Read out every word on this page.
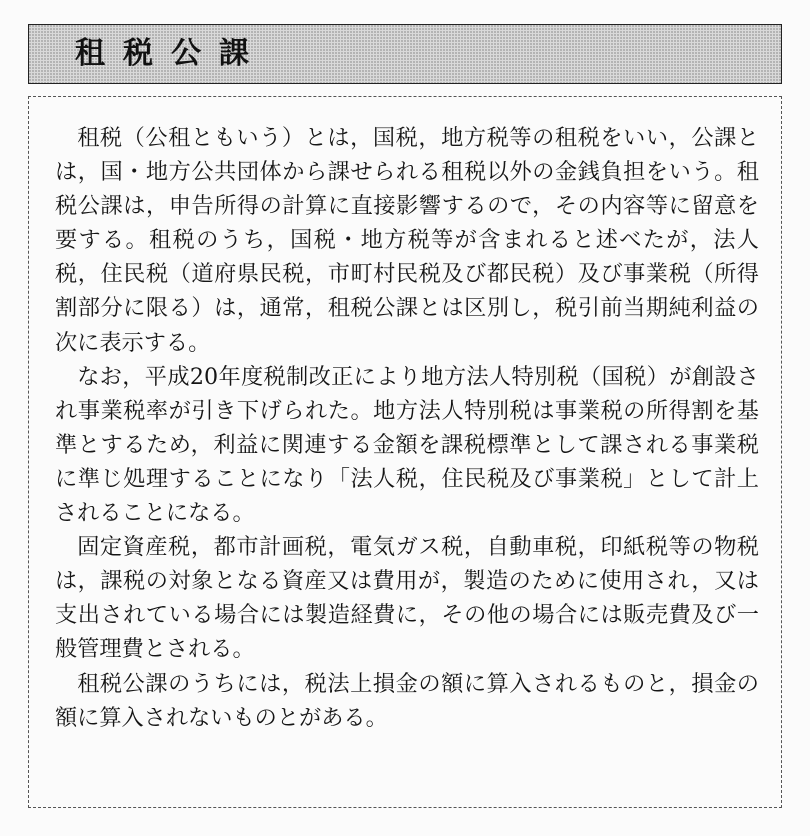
租税公課

租税（公租ともいう）とは，国税，地方税等の租税をいい，公課とは，国・地方公共団体から課せられる租税以外の金銭負担をいう。租税公課は，申告所得の計算に直接影響するので，その内容等に留意を要する。租税のうち，国税・地方税等が含まれると述べたが，法人税，住民税（道府県民税，市町村民税及び都民税）及び事業税（所得割部分に限る）は，通常，租税公課とは区別し，税引前当期純利益の次に表示する。

なお，平成20年度税制改正により地方法人特別税（国税）が創設され事業税率が引き下げられた。地方法人特別税は事業税の所得割を基準とするため，利益に関連する金額を課税標準として課される事業税に準じ処理することになり「法人税，住民税及び事業税」として計上されることになる。

固定資産税，都市計画税，電気ガス税，自動車税，印紙税等の物税は，課税の対象となる資産又は費用が，製造のために使用され，又は支出されている場合には製造経費に，その他の場合には販売費及び一般管理費とされる。

租税公課のうちには，税法上損金の額に算入されるものと，損金の額に算入されないものとがある。
